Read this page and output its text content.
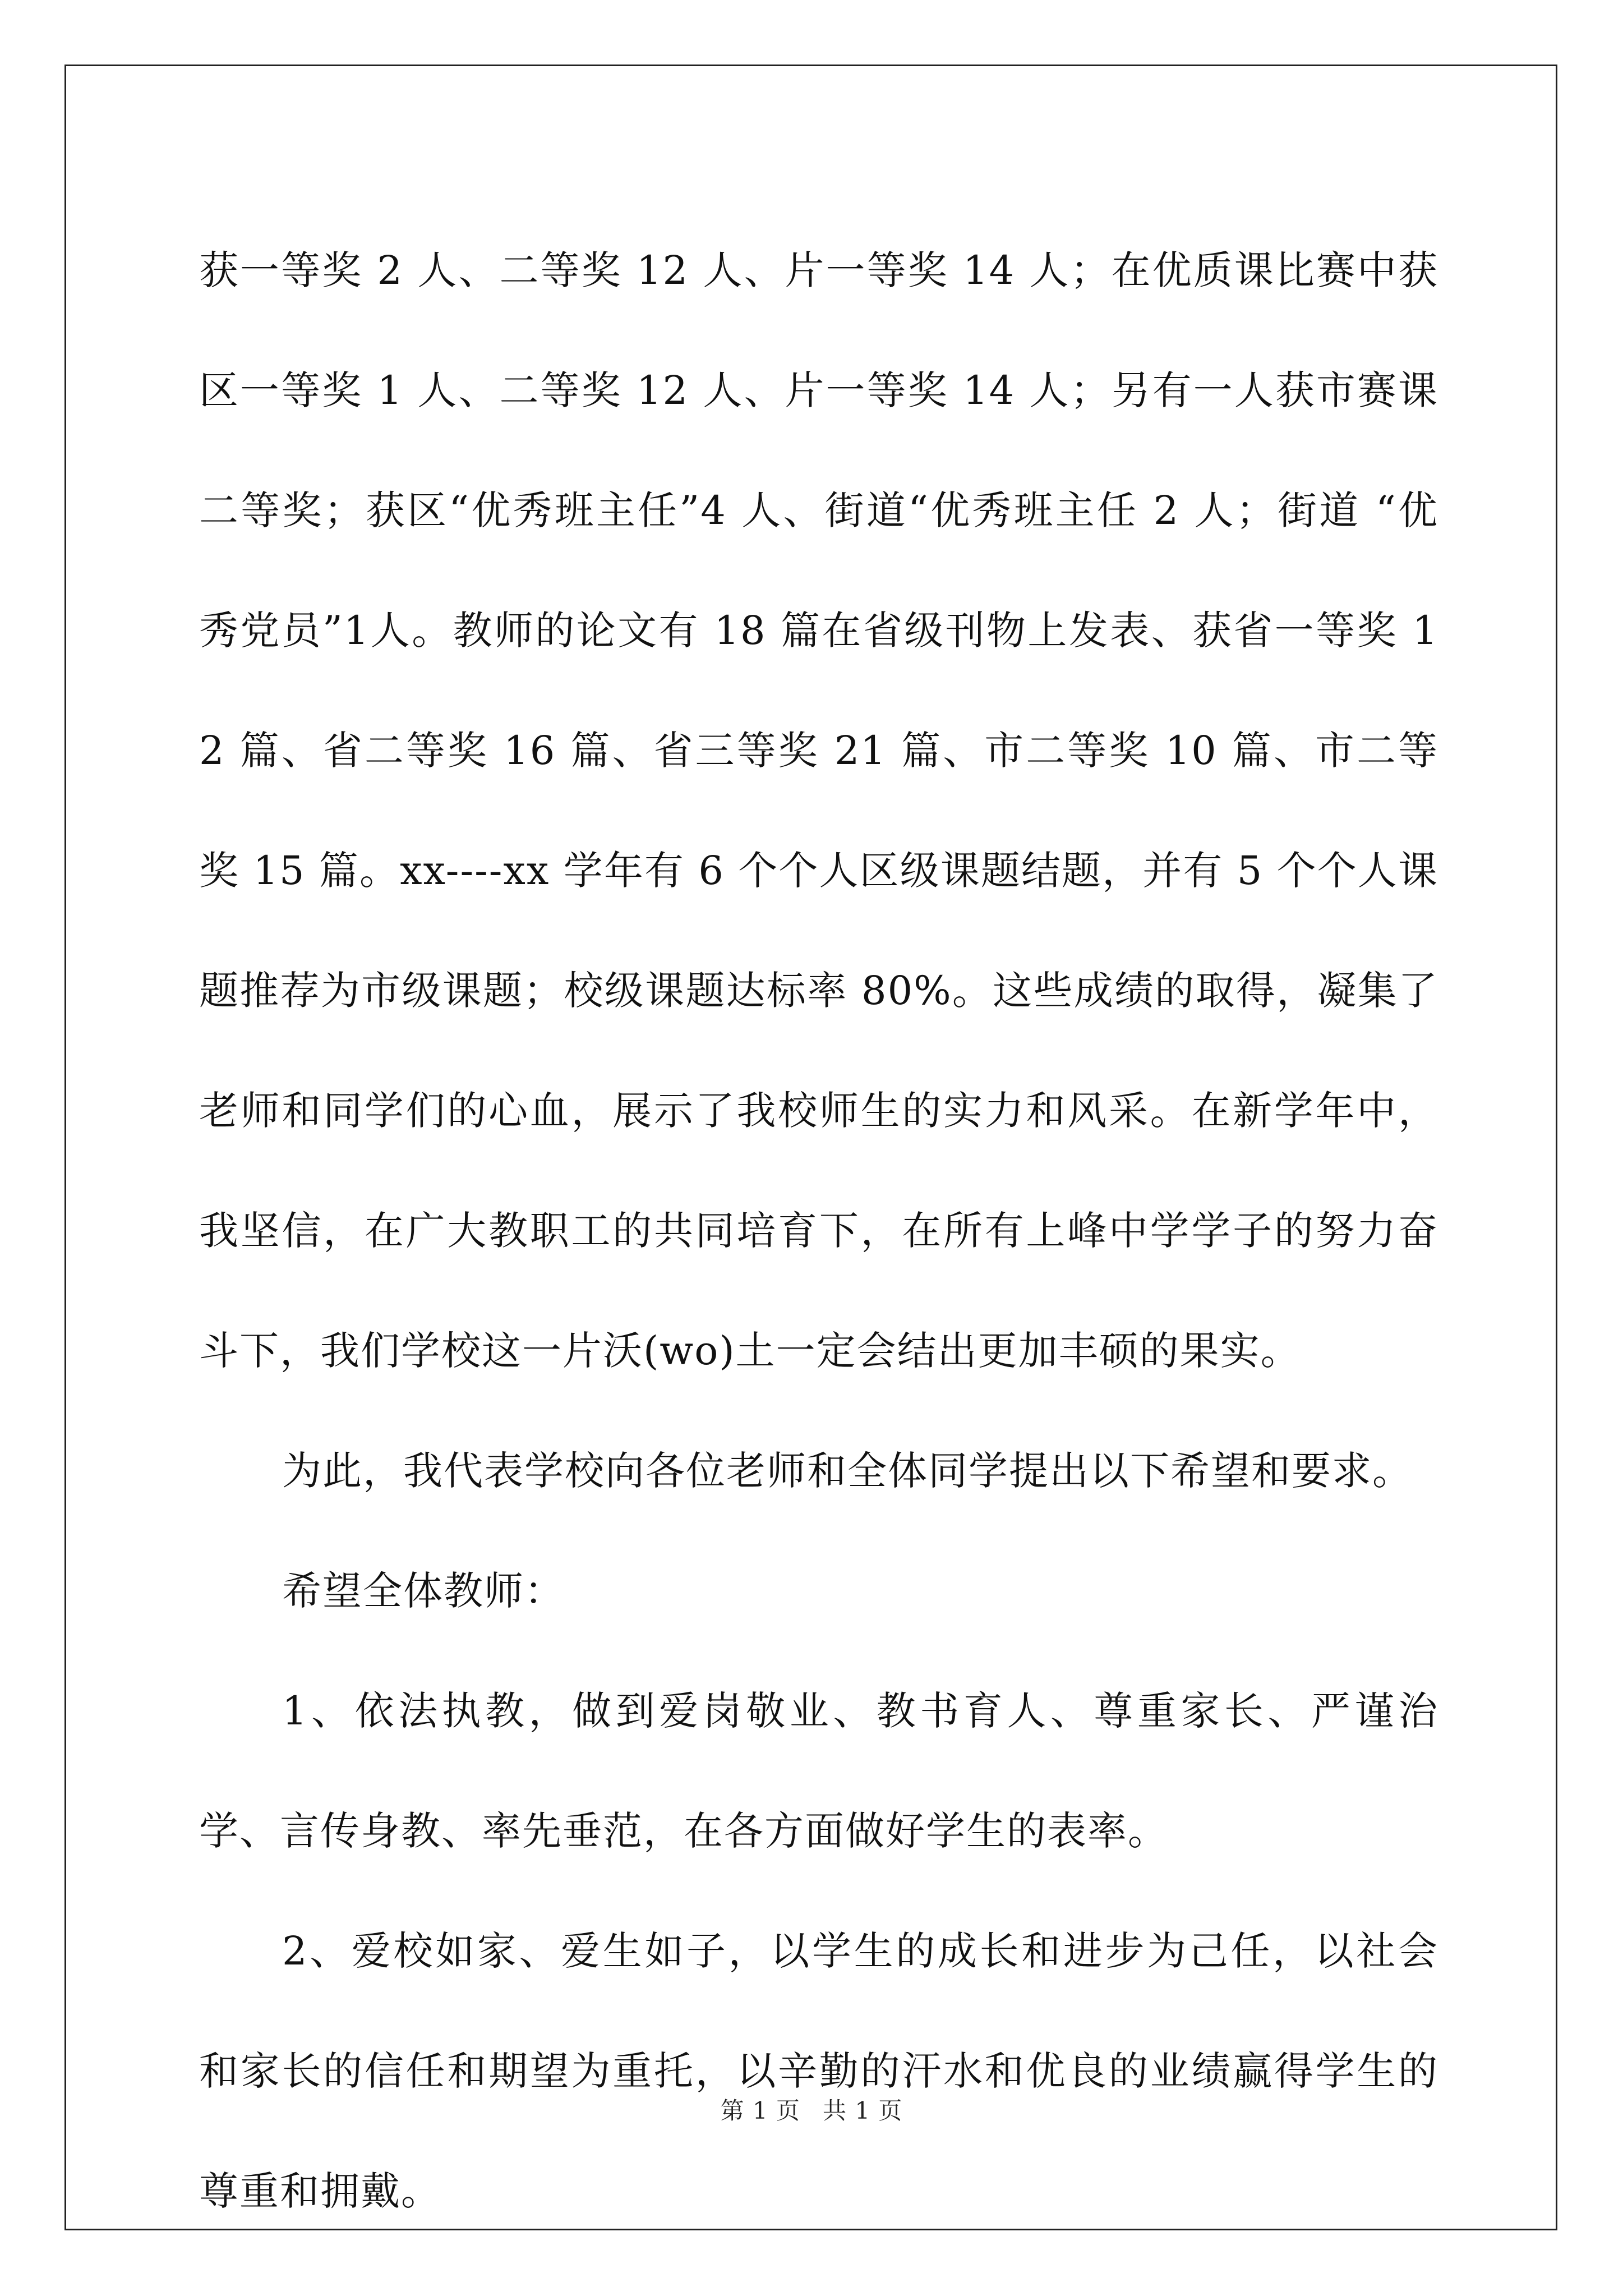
获一等奖 2 人、二等奖 12 人、片一等奖 14 人；在优质课比赛中获区一等奖 1 人、二等奖 12 人、片一等奖 14 人；另有一人获市赛课二等奖；获区“优秀班主任”4 人、街道“优秀班主任 2 人；街道 “优秀党员”1人。教师的论文有 18 篇在省级刊物上发表、获省一等奖 12 篇、省二等奖 16 篇、省三等奖 21 篇、市二等奖 10 篇、市二等奖 15 篇。xx----xx 学年有 6 个个人区级课题结题，并有 5 个个人课题推荐为市级课题；校级课题达标率 80%。这些成绩的取得，凝集了老师和同学们的心血，展示了我校师生的实力和风采。在新学年中，我坚信，在广大教职工的共同培育下，在所有上峰中学学子的努力奋斗下，我们学校这一片沃(wo)土一定会结出更加丰硕的果实。

为此，我代表学校向各位老师和全体同学提出以下希望和要求。

希望全体教师：

1、依法执教，做到爱岗敬业、教书育人、尊重家长、严谨治学、言传身教、率先垂范，在各方面做好学生的表率。

2、爱校如家、爱生如子，以学生的成长和进步为己任，以社会和家长的信任和期望为重托，以辛勤的汗水和优良的业绩赢得学生的尊重和拥戴。

第 1 页 共 1 页
